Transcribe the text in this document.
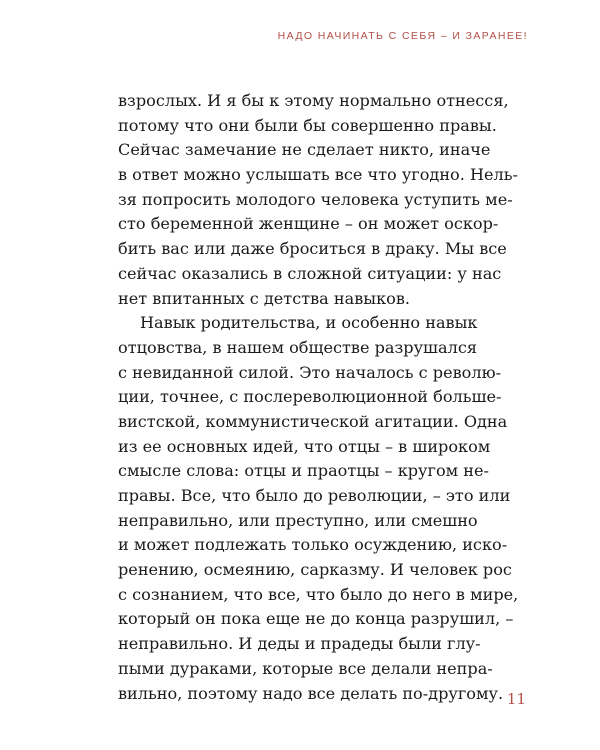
НАДО НАЧИНАТЬ С СЕБЯ – И ЗАРАНЕЕ!
взрослых. И я бы к этому нормально отнесся,
потому что они были бы совершенно правы.
Сейчас замечание не сделает никто, иначе
в ответ можно услышать все что угодно. Нель-
зя попросить молодого человека уступить ме-
сто беременной женщине – он может оскор-
бить вас или даже броситься в драку. Мы все
сейчас оказались в сложной ситуации: у нас
нет впитанных с детства навыков.
Навык родительства, и особенно навык
отцовства, в нашем обществе разрушался
с невиданной силой. Это началось с револю-
ции, точнее, с послереволюционной больше-
вистской, коммунистической агитации. Одна
из ее основных идей, что отцы – в широком
смысле слова: отцы и праотцы – кругом не-
правы. Все, что было до революции, – это или
неправильно, или преступно, или смешно
и может подлежать только осуждению, иско-
ренению, осмеянию, сарказму. И человек рос
с сознанием, что все, что было до него в мире,
который он пока еще не до конца разрушил, –
неправильно. И деды и прадеды были глу-
пыми дураками, которые все делали непра-
вильно, поэтому надо все делать по-другому. 11
